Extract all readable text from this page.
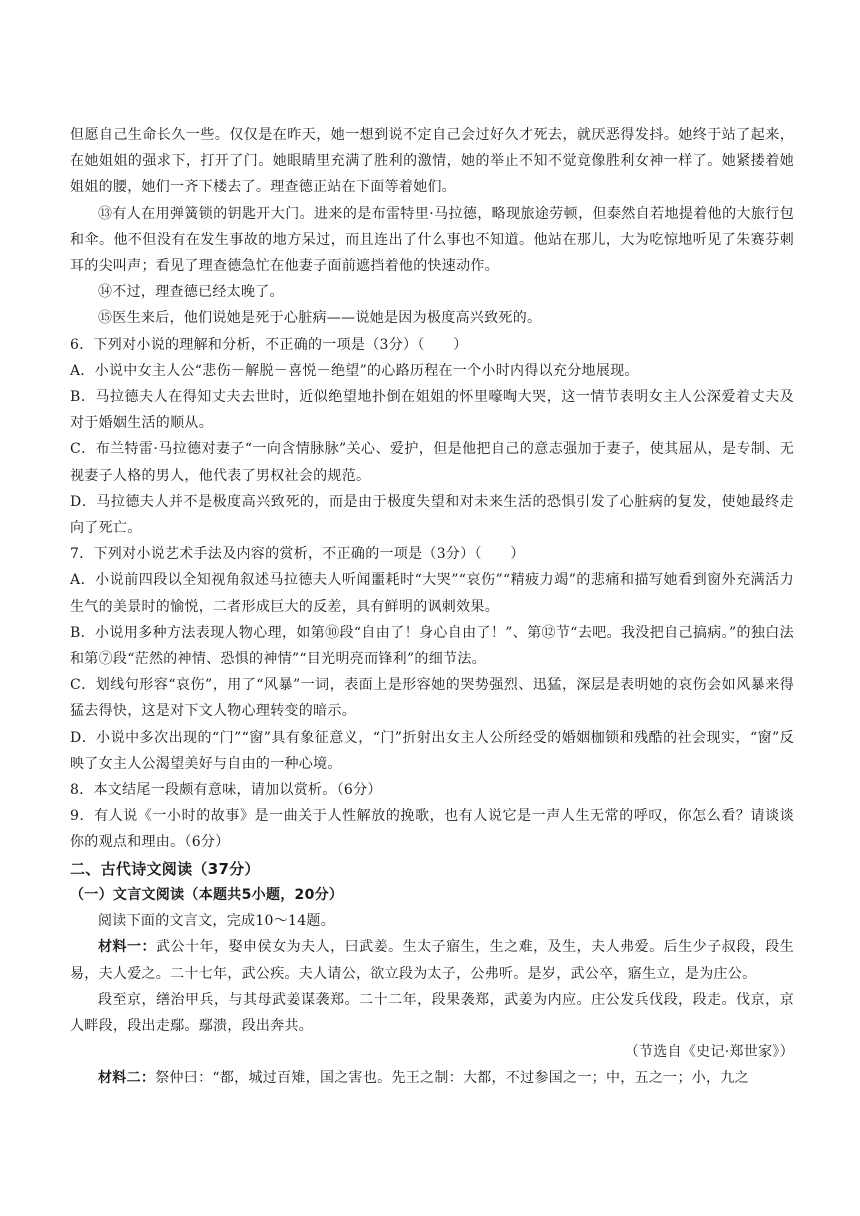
但愿自己生命长久一些。仅仅是在昨天，她一想到说不定自己会过好久才死去，就厌恶得发抖。她终于站了起来，在她姐姐的强求下，打开了门。她眼睛里充满了胜利的激情，她的举止不知不觉竟像胜利女神一样了。她紧搂着她姐姐的腰，她们一齐下楼去了。理查德正站在下面等着她们。

⑬有人在用弹簧锁的钥匙开大门。进来的是布雷特里·马拉德，略现旅途劳顿，但泰然自若地提着他的大旅行包和伞。他不但没有在发生事故的地方呆过，而且连出了什么事也不知道。他站在那儿，大为吃惊地听见了朱赛芬刺耳的尖叫声；看见了理查德急忙在他妻子面前遮挡着他的快速动作。

⑭不过，理查德已经太晚了。

⑮医生来后，他们说她是死于心脏病——说她是因为极度高兴致死的。

6．下列对小说的理解和分析，不正确的一项是（3分）（　　）

A．小说中女主人公“悲伤－解脱－喜悦－绝望”的心路历程在一个小时内得以充分地展现。

B．马拉德夫人在得知丈夫去世时，近似绝望地扑倒在姐姐的怀里嚎啕大哭，这一情节表明女主人公深爱着丈夫及对于婚姻生活的顺从。

C．布兰特雷·马拉德对妻子“一向含情脉脉”关心、爱护，但是他把自己的意志强加于妻子，使其屈从，是专制、无视妻子人格的男人，他代表了男权社会的规范。

D．马拉德夫人并不是极度高兴致死的，而是由于极度失望和对未来生活的恐惧引发了心脏病的复发，使她最终走向了死亡。

7．下列对小说艺术手法及内容的赏析，不正确的一项是（3分）（　　）

A．小说前四段以全知视角叙述马拉德夫人听闻噩耗时“大哭”“哀伤”“精疲力竭”的悲痛和描写她看到窗外充满活力生气的美景时的愉悦，二者形成巨大的反差，具有鲜明的讽刺效果。

B．小说用多种方法表现人物心理，如第⑩段“自由了！身心自由了！”、第⑫节“去吧。我没把自己搞病。”的独白法和第⑦段“茫然的神情、恐惧的神情”“目光明亮而锋利”的细节法。

C．划线句形容“哀伤”，用了“风暴”一词，表面上是形容她的哭势强烈、迅猛，深层是表明她的哀伤会如风暴来得猛去得快，这是对下文人物心理转变的暗示。

D．小说中多次出现的“门”“窗”具有象征意义，“门”折射出女主人公所经受的婚姻枷锁和残酷的社会现实，“窗”反映了女主人公渴望美好与自由的一种心境。

8．本文结尾一段颇有意味，请加以赏析。（6分）

9．有人说《一小时的故事》是一曲关于人性解放的挽歌，也有人说它是一声人生无常的呼叹，你怎么看？请谈谈你的观点和理由。（6分）

二、古代诗文阅读（37分）

（一）文言文阅读（本题共5小题，20分）

阅读下面的文言文，完成10～14题。

材料一：武公十年，娶申侯女为夫人，曰武姜。生太子寤生，生之难，及生，夫人弗爱。后生少子叔段，段生易，夫人爱之。二十七年，武公疾。夫人请公，欲立段为太子，公弗听。是岁，武公卒，寤生立，是为庄公。

段至京，缮治甲兵，与其母武姜谋袭郑。二十二年，段果袭郑，武姜为内应。庄公发兵伐段，段走。伐京，京人畔段，段出走鄢。鄢溃，段出奔共。

（节选自《史记·郑世家》）

材料二：祭仲曰：“都，城过百雉，国之害也。先王之制：大都，不过参国之一；中，五之一；小，九之
